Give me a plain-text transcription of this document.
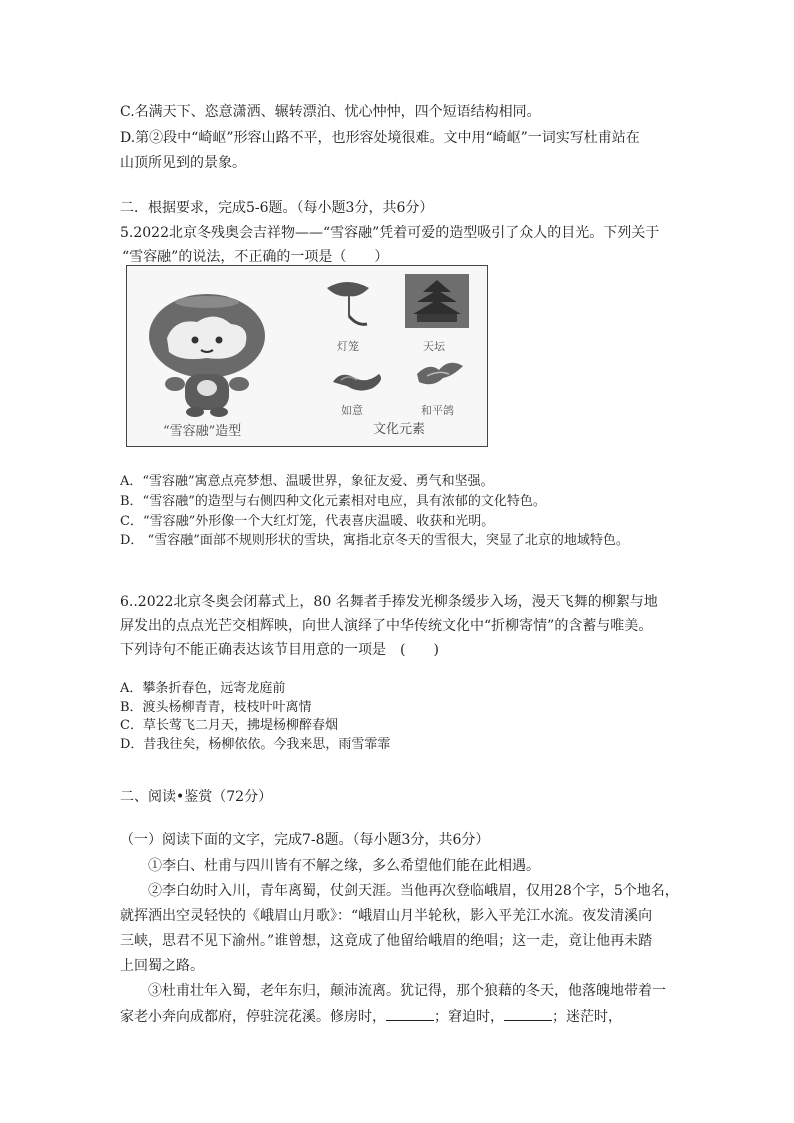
C.名满天下、恣意潇洒、辗转漂泊、忧心忡忡，四个短语结构相同。
D.第②段中“崎岖”形容山路不平，也形容处境很难。文中用“崎岖”一词实写杜甫站在
山顶所见到的景象。
二．根据要求，完成5-6题。（每小题3分，共6分）
5.2022北京冬残奥会吉祥物——“雪容融”凭着可爱的造型吸引了众人的目光。下列关于
“雪容融”的说法，不正确的一项是（　　）
灯笼	天坛
如意	和平鸽
“雪容融”造型	文化元素
A．“雪容融”寓意点亮梦想、温暖世界，象征友爱、勇气和坚强。
B．“雪容融”的造型与右侧四种文化元素相对电应，具有浓郁的文化特色。
C．“雪容融”外形像一个大红灯笼，代表喜庆温暖、收获和光明。
D． “雪容融”面部不规则形状的雪块，寓指北京冬天的雪很大，突显了北京的地域特色。
6..2022北京冬奥会闭幕式上，80 名舞者手捧发光柳条缓步入场，漫天飞舞的柳絮与地
屏发出的点点光芒交相辉映，向世人演绎了中华传统文化中“折柳寄情”的含蓄与唯美。
下列诗句不能正确表达该节目用意的一项是　(　　)
A．攀条折春色，远寄龙庭前
B．渡头杨柳青青，枝枝叶叶离情
C．草长莺飞二月天，拂堤杨柳醉春烟
D．昔我往矣，杨柳依依。今我来思，雨雪霏霏
二、阅读•鉴赏（72分）
（一）阅读下面的文字，完成7-8题。（每小题3分，共6分）
①李白、杜甫与四川皆有不解之缘，多么希望他们能在此相遇。
②李白幼时入川，青年离蜀，仗剑天涯。当他再次登临峨眉，仅用28个字，5个地名，
就挥洒出空灵轻快的《峨眉山月歌》：“峨眉山月半轮秋，影入平羌江水流。夜发清溪向
三峡，思君不见下渝州。”谁曾想，这竟成了他留给峨眉的绝唱；这一走，竟让他再未踏
上回蜀之路。
③杜甫壮年入蜀，老年东归，颠沛流离。犹记得，那个狼藉的冬天，他落魄地带着一
家老小奔向成都府，停驻浣花溪。修房时，	；窘迫时，	；迷茫时，
